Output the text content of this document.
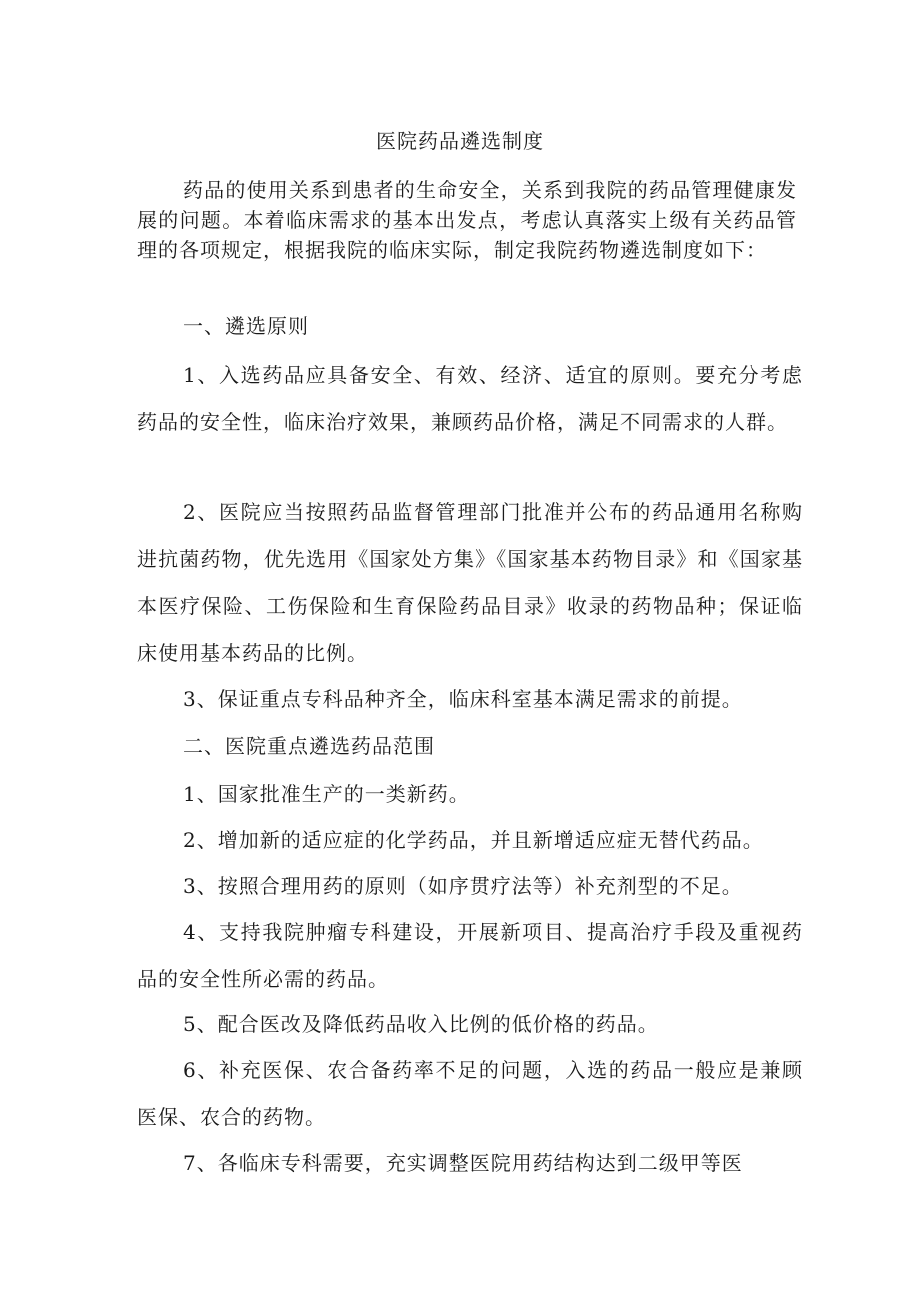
医院药品遴选制度

药品的使用关系到患者的生命安全，关系到我院的药品管理健康发展的问题。本着临床需求的基本出发点，考虑认真落实上级有关药品管理的各项规定，根据我院的临床实际，制定我院药物遴选制度如下：

一、遴选原则

1、入选药品应具备安全、有效、经济、适宜的原则。要充分考虑药品的安全性，临床治疗效果，兼顾药品价格，满足不同需求的人群。

2、医院应当按照药品监督管理部门批准并公布的药品通用名称购进抗菌药物，优先选用《国家处方集》《国家基本药物目录》和《国家基本医疗保险、工伤保险和生育保险药品目录》收录的药物品种；保证临床使用基本药品的比例。

3、保证重点专科品种齐全，临床科室基本满足需求的前提。

二、医院重点遴选药品范围

1、国家批准生产的一类新药。

2、增加新的适应症的化学药品，并且新增适应症无替代药品。

3、按照合理用药的原则（如序贯疗法等）补充剂型的不足。

4、支持我院肿瘤专科建设，开展新项目、提高治疗手段及重视药品的安全性所必需的药品。

5、配合医改及降低药品收入比例的低价格的药品。

6、补充医保、农合备药率不足的问题，入选的药品一般应是兼顾医保、农合的药物。

7、各临床专科需要，充实调整医院用药结构达到二级甲等医
